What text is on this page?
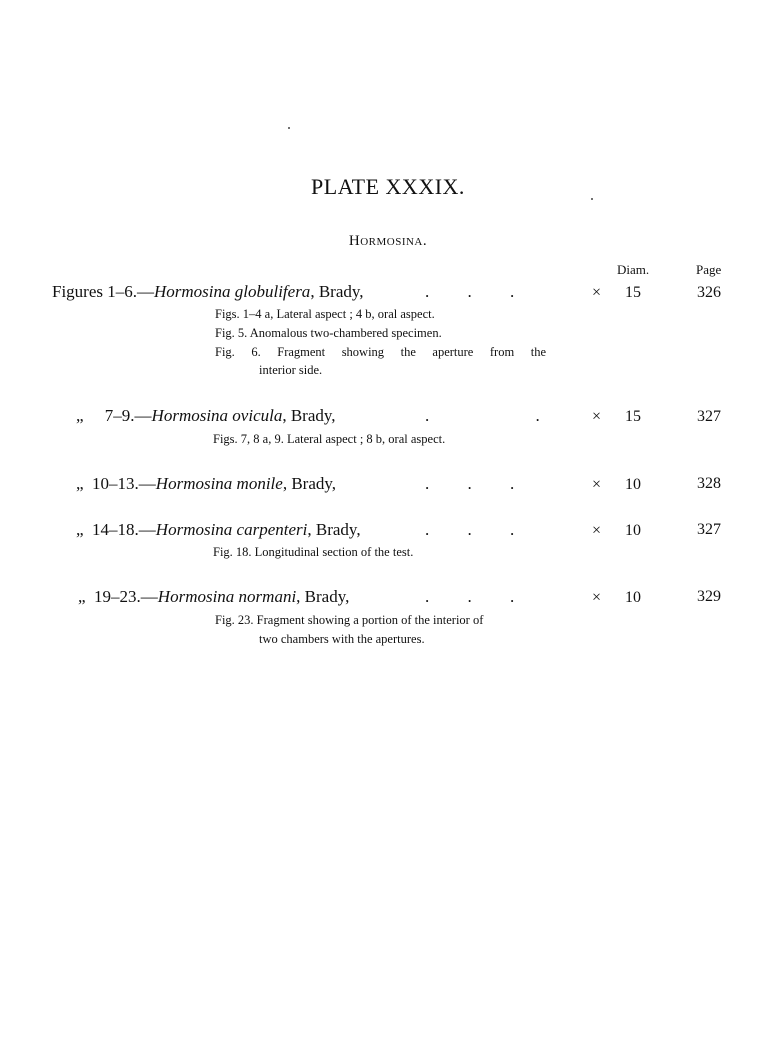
PLATE XXXIX.
Hormosina.
Diam.	Page
Figures 1–6.—Hormosina globulifera, Brady,	.         .         .	× 15	326
Figs. 1–4 a, Lateral aspect ; 4 b, oral aspect.
Fig. 5. Anomalous two-chambered specimen.
Fig. 6. Fragment showing the aperture from the
interior side.
„     7–9.—Hormosina ovicula, Brady,	.                         .	× 15	327
Figs. 7, 8 a, 9. Lateral aspect ; 8 b, oral aspect.
„  10–13.—Hormosina monile, Brady,	.         .         .	× 10	328
„  14–18.—Hormosina carpenteri, Brady,	.         .         .	× 10	327
Fig. 18. Longitudinal section of the test.
„  19–23.—Hormosina normani, Brady,	.         .         .	× 10	329
Fig. 23. Fragment showing a portion of the interior of
two chambers with the apertures.
